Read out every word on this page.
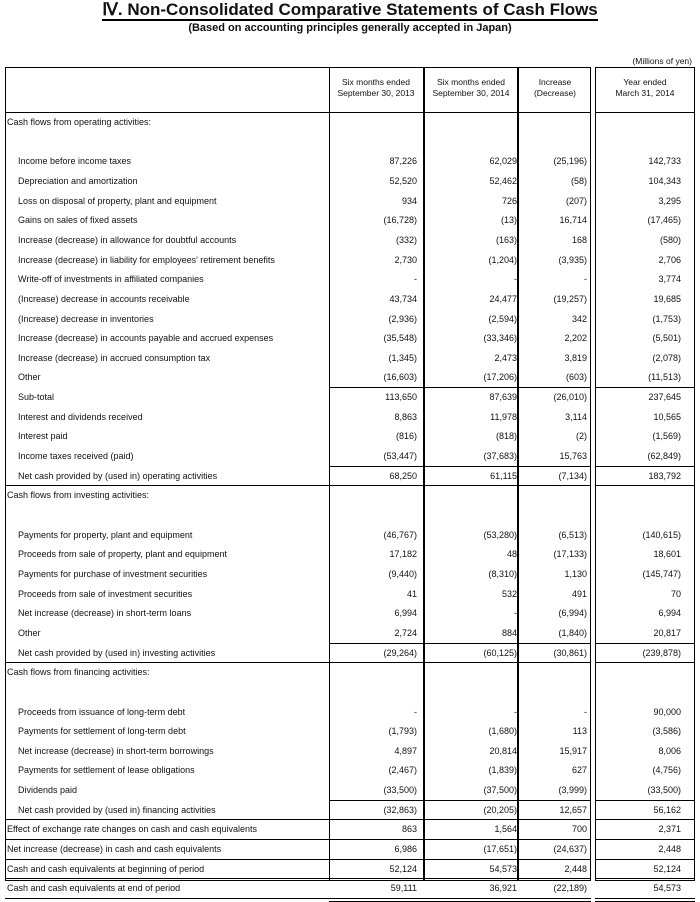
Ⅳ. Non-Consolidated Comparative Statements of Cash Flows
(Based on accounting principles generally accepted in Japan)
(Millions of yen)
Six months ended
September 30, 2013
Six months ended
September 30, 2014
Increase
(Decrease)
Year ended
March 31, 2014
Cash flows from operating activities:
Income before income taxes	87,226	62,029	(25,196)	142,733
Depreciation and amortization	52,520	52,462	(58)	104,343
Loss on disposal of property, plant and equipment	934	726	(207)	3,295
Gains on sales of fixed assets	(16,728)	(13)	16,714	(17,465)
Increase (decrease) in allowance for doubtful accounts	(332)	(163)	168	(580)
Increase (decrease) in liability for employees' retirement benefits	2,730	(1,204)	(3,935)	2,706
Write-off of investments in affiliated companies	-	-	-	3,774
(Increase) decrease in accounts receivable	43,734	24,477	(19,257)	19,685
(Increase) decrease in inventories	(2,936)	(2,594)	342	(1,753)
Increase (decrease) in accounts payable and accrued expenses	(35,548)	(33,346)	2,202	(5,501)
Increase (decrease) in accrued consumption tax	(1,345)	2,473	3,819	(2,078)
Other	(16,603)	(17,206)	(603)	(11,513)
Sub-total	113,650	87,639	(26,010)	237,645
Interest and dividends received	8,863	11,978	3,114	10,565
Interest paid	(816)	(818)	(2)	(1,569)
Income taxes received (paid)	(53,447)	(37,683)	15,763	(62,849)
Net cash provided by (used in) operating activities	68,250	61,115	(7,134)	183,792
Cash flows from investing activities:
Payments for property, plant and equipment	(46,767)	(53,280)	(6,513)	(140,615)
Proceeds from sale of property, plant and equipment	17,182	48	(17,133)	18,601
Payments for purchase of investment securities	(9,440)	(8,310)	1,130	(145,747)
Proceeds from sale of investment securities	41	532	491	70
Net increase (decrease) in short-term loans	6,994	-	(6,994)	6,994
Other	2,724	884	(1,840)	20,817
Net cash provided by (used in) investing activities	(29,264)	(60,125)	(30,861)	(239,878)
Cash flows from financing activities:
Proceeds from issuance of long-term debt	-	-	-	90,000
Payments for settlement of long-term debt	(1,793)	(1,680)	113	(3,586)
Net increase (decrease) in short-term borrowings	4,897	20,814	15,917	8,006
Payments for settlement of lease obligations	(2,467)	(1,839)	627	(4,756)
Dividends paid	(33,500)	(37,500)	(3,999)	(33,500)
Net cash provided by (used in) financing activities	(32,863)	(20,205)	12,657	56,162
Effect of exchange rate changes on cash and cash equivalents	863	1,564	700	2,371
Net increase (decrease) in cash and cash equivalents	6,986	(17,651)	(24,637)	2,448
Cash and cash equivalents at beginning of period	52,124	54,573	2,448	52,124
Cash and cash equivalents at end of period	59,111	36,921	(22,189)	54,573
